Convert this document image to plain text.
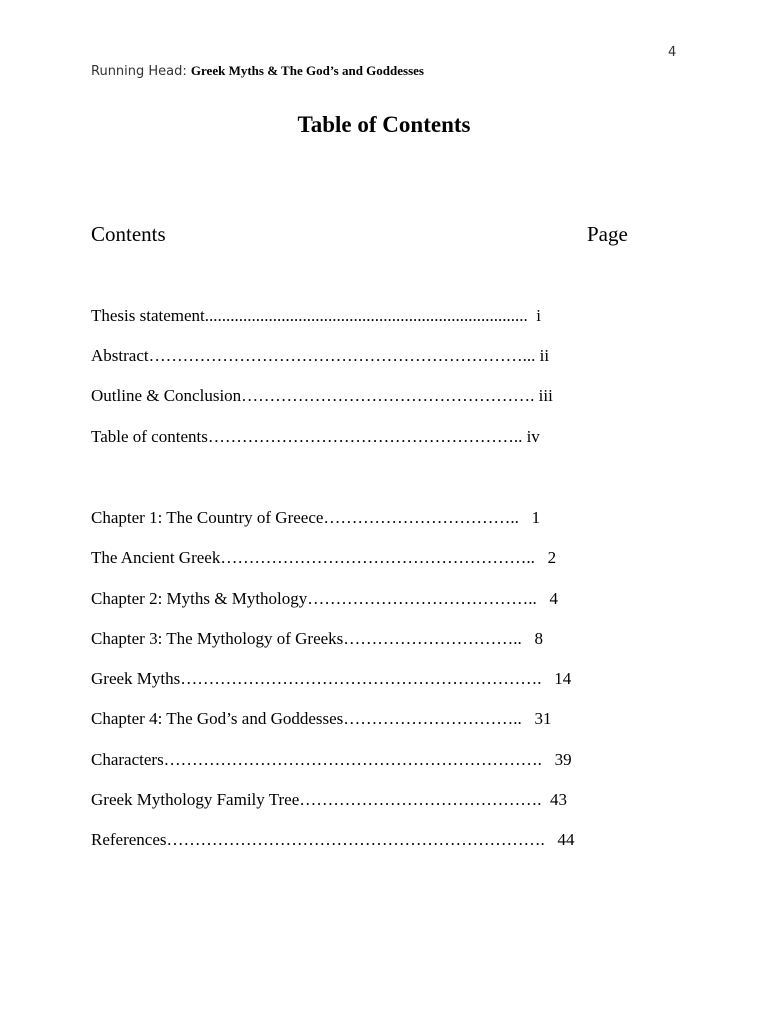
4
Running Head: Greek Myths & The God’s and Goddesses
Table of Contents
Contents	Page
Thesis statement............................................................................  i
Abstract…………………………………………………………... ii
Outline & Conclusion……………………………………………. iii
Table of contents……………………………………………….. iv
Chapter 1: The Country of Greece……………………………..   1
The Ancient Greek………………………………………………..   2
Chapter 2: Myths & Mythology…………………………………..   4
Chapter 3: The Mythology of Greeks…………………………..   8
Greek Myths……………………………………………………….   14
Chapter 4: The God’s and Goddesses…………………………..   31
Characters………………………………………………………….   39
Greek Mythology Family Tree…………………………………….  43
References………………………………………………………….   44
